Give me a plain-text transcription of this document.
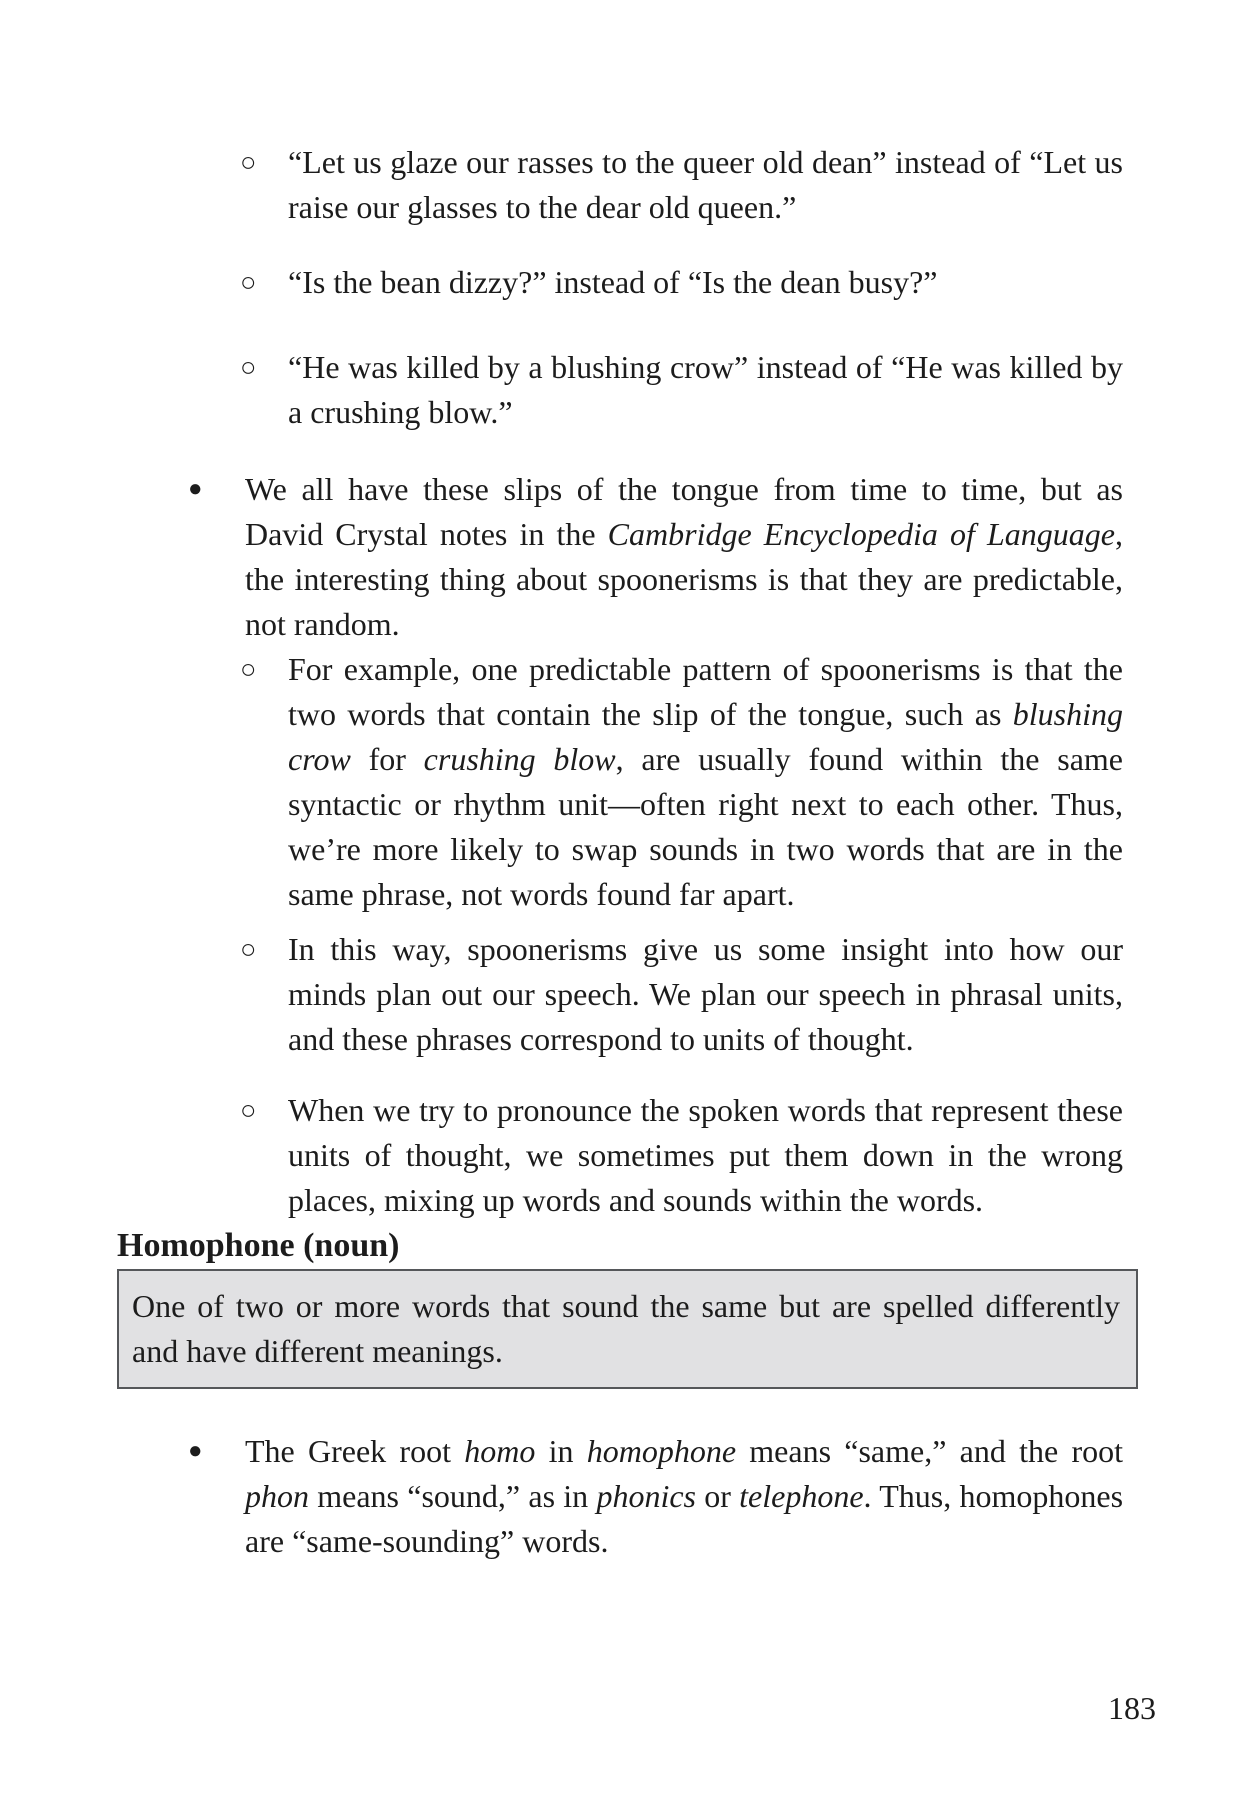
○ “Let us glaze our rasses to the queer old dean” instead of “Let us raise our glasses to the dear old queen.”
○ “Is the bean dizzy?” instead of “Is the dean busy?”
○ “He was killed by a blushing crow” instead of “He was killed by a crushing blow.”
●	We all have these slips of the tongue from time to time, but as David Crystal notes in the Cambridge Encyclopedia of Language, the interesting thing about spoonerisms is that they are predictable, not random.
○ For example, one predictable pattern of spoonerisms is that the two words that contain the slip of the tongue, such as blushing crow for crushing blow, are usually found within the same syntactic or rhythm unit—often right next to each other. Thus, we’re more likely to swap sounds in two words that are in the same phrase, not words found far apart.
○ In this way, spoonerisms give us some insight into how our minds plan out our speech. We plan our speech in phrasal units, and these phrases correspond to units of thought.
○ When we try to pronounce the spoken words that represent these units of thought, we sometimes put them down in the wrong places, mixing up words and sounds within the words.
Homophone (noun)
One of two or more words that sound the same but are spelled differently and have different meanings.
●	The Greek root homo in homophone means “same,” and the root phon means “sound,” as in phonics or telephone. Thus, homophones are “same-sounding” words.
183
